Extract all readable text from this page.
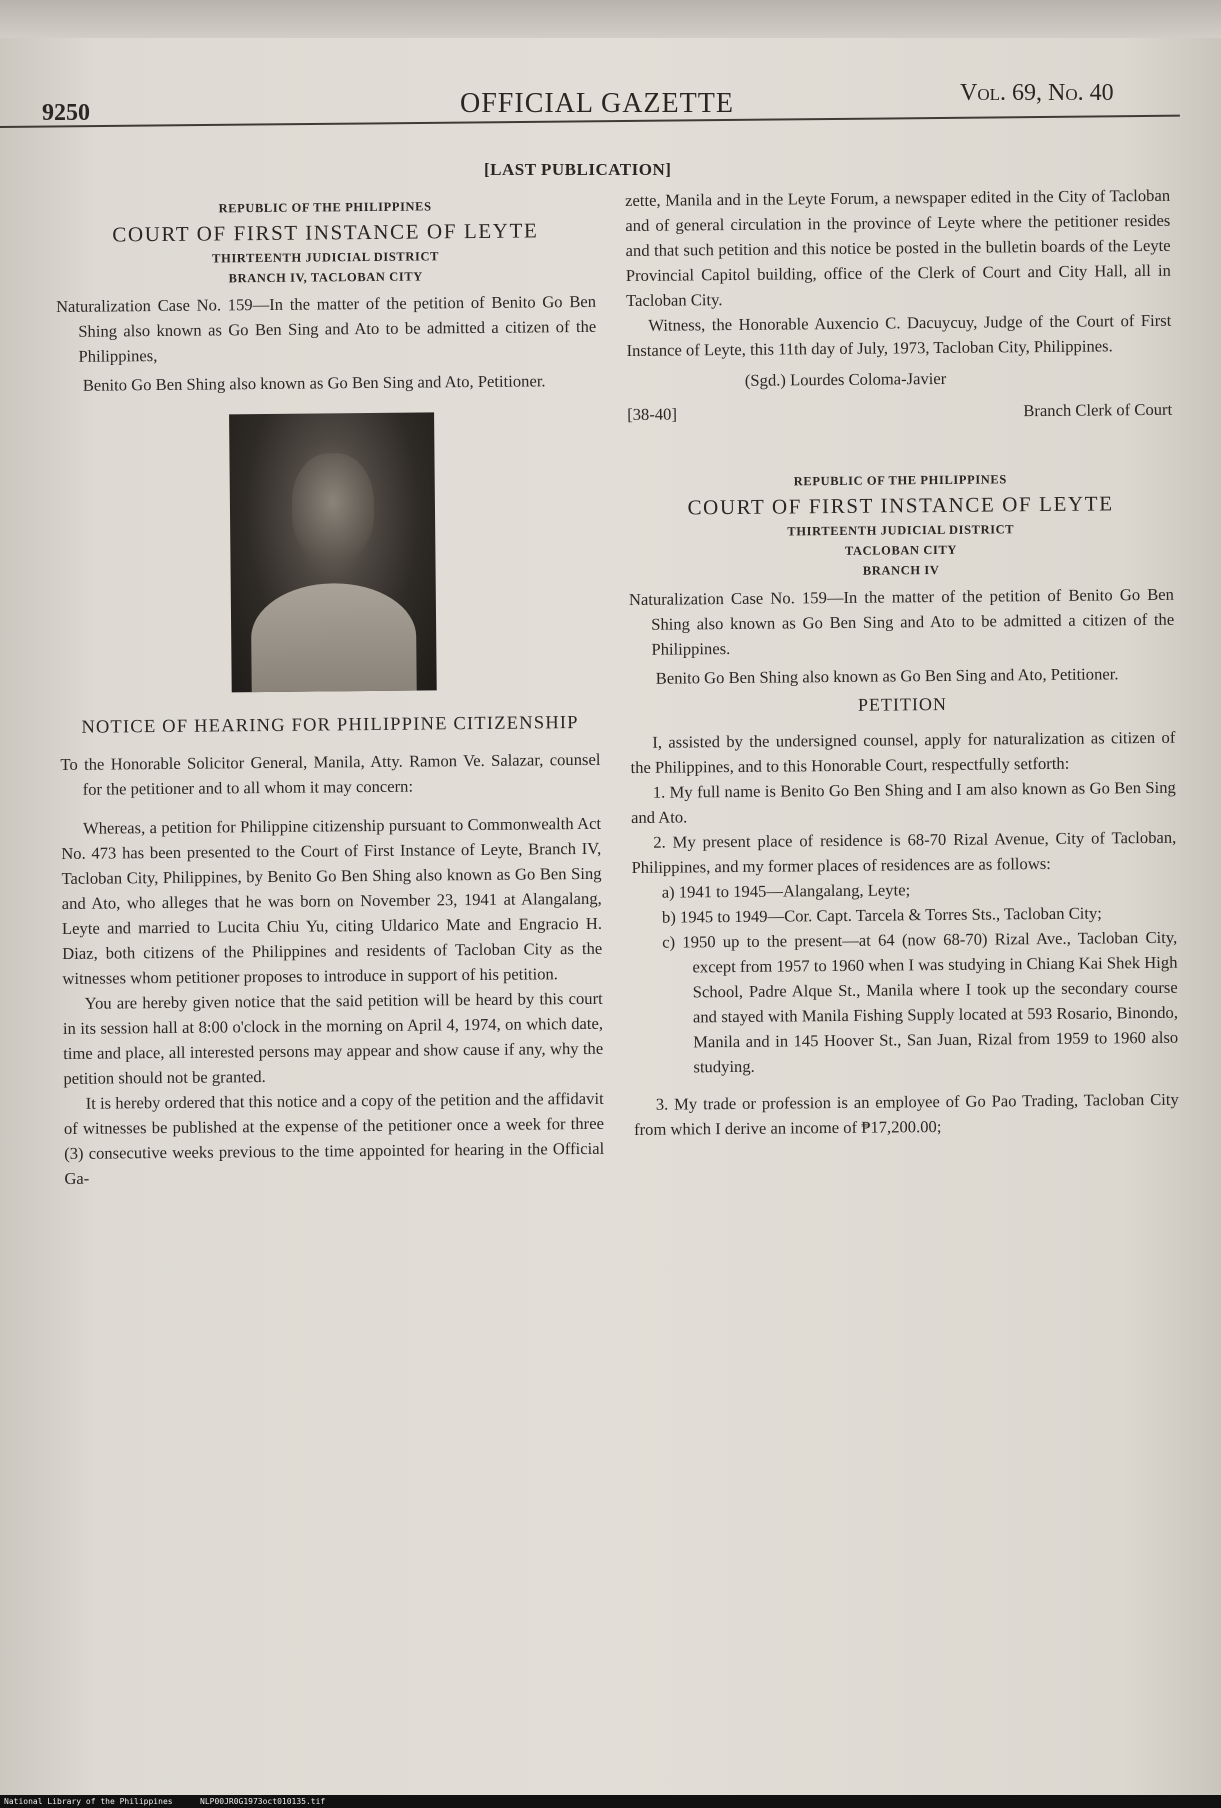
9250	OFFICIAL GAZETTE	Vol. 69, No. 40
[LAST PUBLICATION]
REPUBLIC OF THE PHILIPPINES
COURT OF FIRST INSTANCE OF LEYTE
THIRTEENTH JUDICIAL DISTRICT
BRANCH IV, TACLOBAN CITY

Naturalization Case No. 159—In the matter of the petition of Benito Go Ben Shing also known as Go Ben Sing and Ato to be admitted a citizen of the Philippines,

Benito Go Ben Shing also known as Go Ben Sing and Ato, Petitioner.

NOTICE OF HEARING FOR PHILIPPINE CITIZENSHIP

To the Honorable Solicitor General, Manila, Atty. Ramon Ve. Salazar, counsel for the petitioner and to all whom it may concern:

Whereas, a petition for Philippine citizenship pursuant to Commonwealth Act No. 473 has been presented to the Court of First Instance of Leyte, Branch IV, Tacloban City, Philippines, by Benito Go Ben Shing also known as Go Ben Sing and Ato, who alleges that he was born on November 23, 1941 at Alangalang, Leyte and married to Lucita Chiu Yu, citing Uldarico Mate and Engracio H. Diaz, both citizens of the Philippines and residents of Tacloban City as the witnesses whom petitioner proposes to introduce in support of his petition.

You are hereby given notice that the said petition will be heard by this court in its session hall at 8:00 o'clock in the morning on April 4, 1974, on which date, time and place, all interested persons may appear and show cause if any, why the petition should not be granted.

It is hereby ordered that this notice and a copy of the petition and the affidavit of witnesses be published at the expense of the petitioner once a week for three (3) consecutive weeks previous to the time appointed for hearing in the Official Ga-

zette, Manila and in the Leyte Forum, a newspaper edited in the City of Tacloban and of general circulation in the province of Leyte where the petitioner resides and that such petition and this notice be posted in the bulletin boards of the Leyte Provincial Capitol building, office of the Clerk of Court and City Hall, all in Tacloban City.

Witness, the Honorable Auxencio C. Dacuycuy, Judge of the Court of First Instance of Leyte, this 11th day of July, 1973, Tacloban City, Philippines.

(Sgd.) Lourdes Coloma-Javier
[38-40]	Branch Clerk of Court
REPUBLIC OF THE PHILIPPINES
COURT OF FIRST INSTANCE OF LEYTE
THIRTEENTH JUDICIAL DISTRICT
TACLOBAN CITY
BRANCH IV

Naturalization Case No. 159—In the matter of the petition of Benito Go Ben Shing also known as Go Ben Sing and Ato to be admitted a citizen of the Philippines.

Benito Go Ben Shing also known as Go Ben Sing and Ato, Petitioner.

PETITION

I, assisted by the undersigned counsel, apply for naturalization as citizen of the Philippines, and to this Honorable Court, respectfully setforth:

1. My full name is Benito Go Ben Shing and I am also known as Go Ben Sing and Ato.

2. My present place of residence is 68-70 Rizal Avenue, City of Tacloban, Philippines, and my former places of residences are as follows:

a) 1941 to 1945—Alangalang, Leyte;

b) 1945 to 1949—Cor. Capt. Tarcela & Torres Sts., Tacloban City;

c) 1950 up to the present—at 64 (now 68-70) Rizal Ave., Tacloban City, except from 1957 to 1960 when I was studying in Chiang Kai Shek High School, Padre Alque St., Manila where I took up the secondary course and stayed with Manila Fishing Supply located at 593 Rosario, Binondo, Manila and in 145 Hoover St., San Juan, Rizal from 1959 to 1960 also studying.

3. My trade or profession is an employee of Go Pao Trading, Tacloban City from which I derive an income of ₱17,200.00;

National Library of the Philippines	NLP00JR0G1973oct010135.tif
